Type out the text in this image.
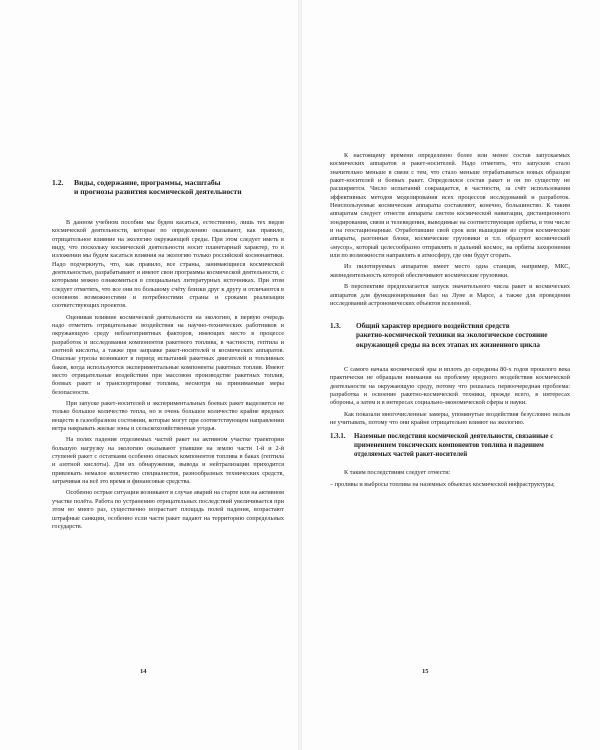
1.2. Виды, содержание, программы, масштабы
и прогнозы развития космической деятельности

В данном учебном пособии мы будем касаться, естественно, лишь тех видов космической деятельности, которые по определению оказывают, как правило, отрицательное влияние на экологию окружающей среды. При этом следует иметь в виду, что поскольку космической деятельности носит планетарный характер, то в изложении мы будем касаться влияния на экологию только российской космонавтики. Надо подчеркнуть, что, как правило, все страны, занимающиеся космической деятельностью, разрабатывают и имеют свои программы космической деятельности, с которыми можно ознакомиться в специальных литературных источниках. При этом следует отметить, что все они по большому счёту близки друг к другу и отличаются в основном возможностями и потребностями страны и сроками реализации соответствующих проектов.

Оценивая влияние космической деятельности на экологию, в первую очередь надо отметить отрицательные воздействия на научно-технических работников и окружающую среду неблагоприятных факторов, имеющих место в процессе разработок и исследования компонентов ракетного топлива, в частности, гептила и азотной кислоты, а также при заправке ракет-носителей и космических аппаратов. Опасные угрозы возникают в период испытаний ракетных двигателей и топливных баков, когда используются экспериментальные компоненты ракетных топлив. Имеют место отрицательные воздействия при массовом производстве ракетных топлив, боевых ракет и транспортировке топлива, несмотря на принимаемые меры безопасности.

При запуске ракет-носителей и экспериментальных боевых ракет выделяется не только большое количество тепла, но и очень большое количество крайне вредных веществ в газообразном состоянии, которые могут при соответствующем направлении ветра накрывать жилые зоны и сельскохозяйственные угодья.

На полях падения отделяемых частей ракет на активном участке траектории большую нагрузку на экологию оказывают упавшие на землю части 1-й и 2-й ступеней ракет с остатками особенно опасных компонентов топлива в баках (гептила и азотной кислоты). Для их обнаружения, вывода и нейтрализации приходится привлекать немалое количество специалистов, разнообразных технических средств, затрачивая на всё это время и финансовые средства.

Особенно острые ситуации возникают в случае аварий на старте или на активном участке полёта. Работа по устранению отрицательных последствий увеличивается при этом во много раз, существенно возрастает площадь полей падения, возрастают штрафные санкции, особенно если части ракет падают на территорию сопредельных государств.

14

К настоящему времени определенно более или менее состав запускаемых космических аппаратов и ракет-носителей. Надо отметить, что запусков стало значительно меньше в связи с тем, что стало меньше отрабатываться новых образцов ракет-носителей и боевых ракет. Определился состав ракет и он по существу не расширяется. Число испытаний сокращается, в частности, за счёт использования эффективных методов моделирования всех процессов исследований и разработок. Неиспользуемые космические аппараты составляют, конечно, большинство. К таким аппаратам следует отнести аппараты систем космической навигации, дистанционного зондирования, связи и телевидения, выводимые на соответствующие орбиты, в том числе и на геостационарные. Отработавшие свой срок или вышедшие из строя космические аппараты, разгонные блоки, космические грузовики и т.п. образуют космический «мусор», который целесообразно отправлять в дальний космос, на орбиты захоронения или по возможности направлять в атмосферу, где они будут сгорать.

Из пилотируемых аппаратов имеет место одна станция, например, МКС, жизнедеятельность которой обеспечивают космические грузовики.

В перспективе предполагается запуск значительного числа ракет и космических аппаратов для функционирования баз на Луне и Марсе, а также для проведения исследований астрономических объектов вселенной.

1.3.	Общий характер вредного воздействия средств
ракетно-космической техники на экологическое состояние
окружающей среды на всех этапах их жизненного цикла

С самого начала космической эры и вплоть до середины 80-х годов прошлого века практически не обращали внимания на проблему вредного воздействия космической деятельности на окружающую среду, потому что решалась первоочередная проблема: разработка и освоение ракетно-космической техники, прежде всего, в интересах обороны, а затем и в интересах социально-экономической сферы и науки.

Как показали многочисленные замеры, упомянутые воздействия безусловно нельзя не учитывать, потому что они крайне отрицательно влияют на экологию.

1.3.1. Наземные последствия космической деятельности, связанные с
применением токсических компонентов топлива и падением
отделяемых частей ракет-носителей

К таким последствиям следует отнести:

– проливы и выбросы топлива на наземных объектах космической инфраструктуры;

15
